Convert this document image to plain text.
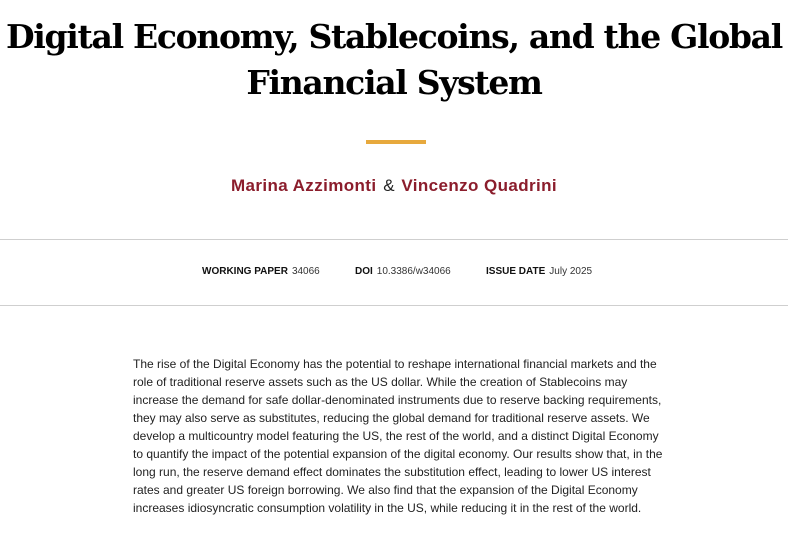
Digital Economy, Stablecoins, and the Global
Financial System
Marina Azzimonti & Vincenzo Quadrini
WORKING PAPER 34066	DOI 10.3386/w34066	ISSUE DATE July 2025

The rise of the Digital Economy has the potential to reshape international financial markets and the role of traditional reserve assets such as the US dollar. While the creation of Stablecoins may increase the demand for safe dollar-denominated instruments due to reserve backing requirements, they may also serve as substitutes, reducing the global demand for traditional reserve assets. We develop a multicountry model featuring the US, the rest of the world, and a distinct Digital Economy to quantify the impact of the potential expansion of the digital economy. Our results show that, in the long run, the reserve demand effect dominates the substitution effect, leading to lower US interest rates and greater US foreign borrowing. We also find that the expansion of the Digital Economy increases idiosyncratic consumption volatility in the US, while reducing it in the rest of the world.
